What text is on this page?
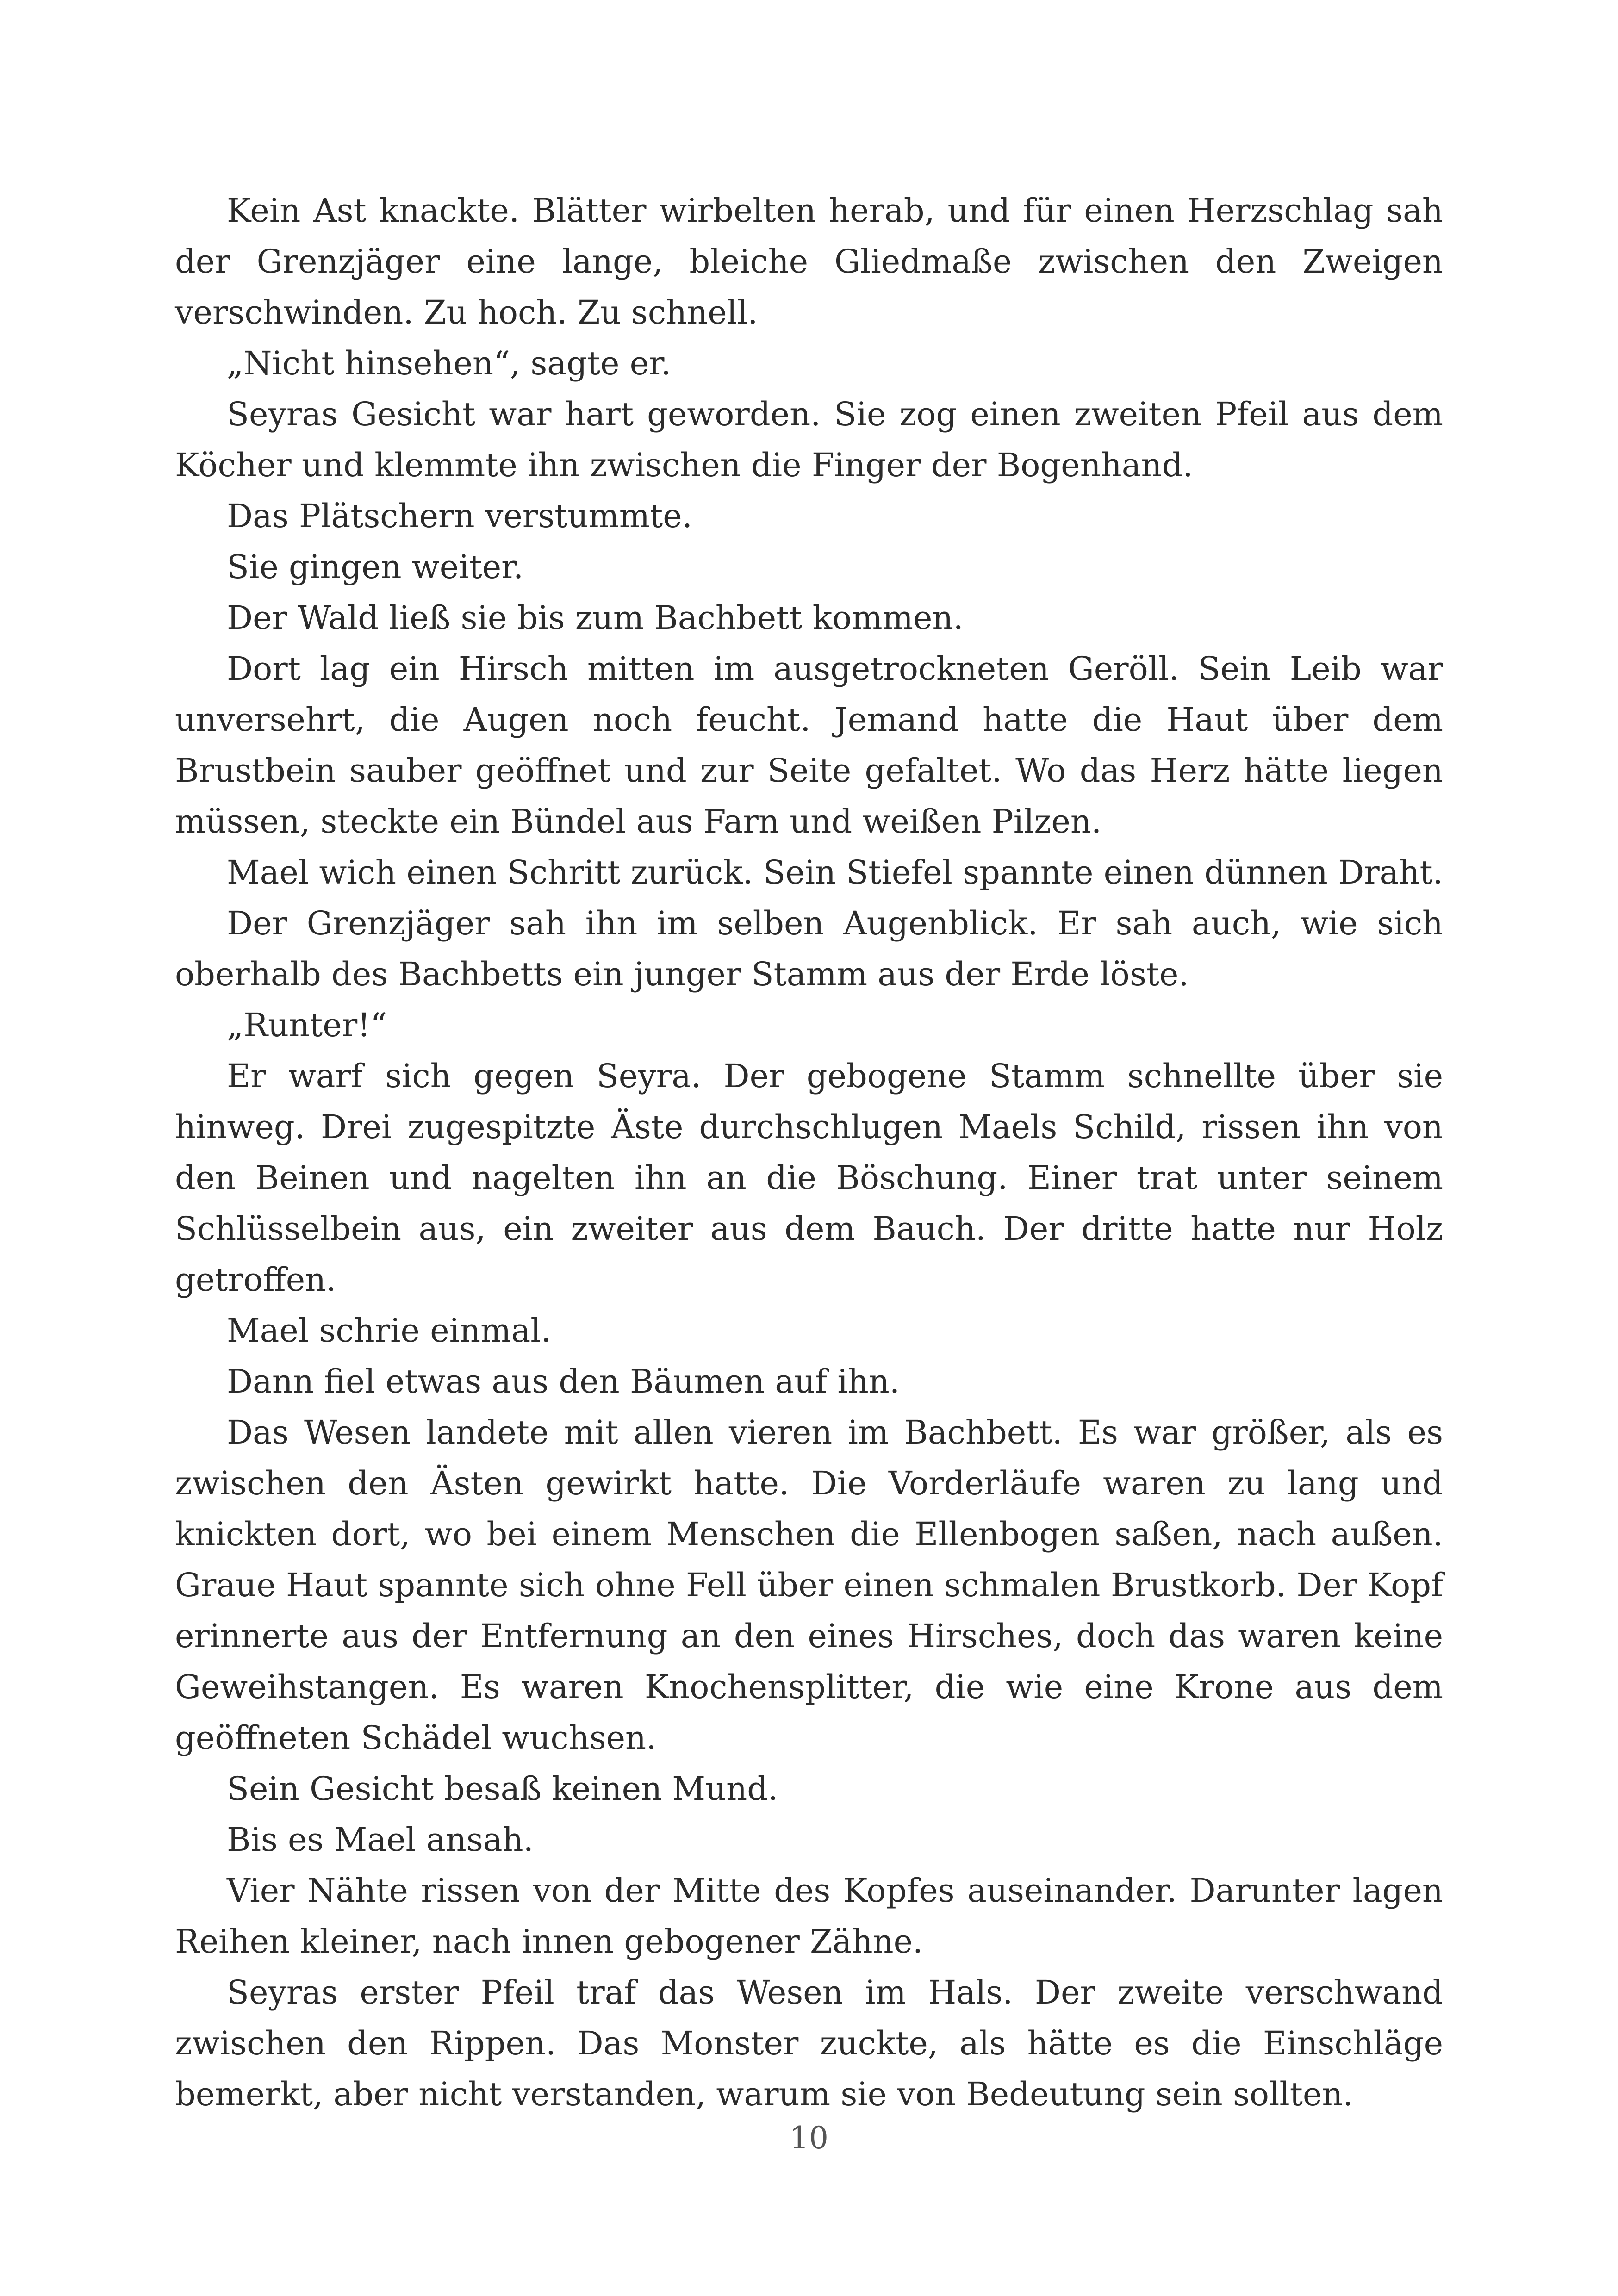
Kein Ast knackte. Blätter wirbelten herab, und für einen Herzschlag sah der Grenzjäger eine lange, bleiche Gliedmaße zwischen den Zweigen verschwinden. Zu hoch. Zu schnell.

„Nicht hinsehen“, sagte er.

Seyras Gesicht war hart geworden. Sie zog einen zweiten Pfeil aus dem Köcher und klemmte ihn zwischen die Finger der Bogenhand.

Das Plätschern verstummte.

Sie gingen weiter.

Der Wald ließ sie bis zum Bachbett kommen.

Dort lag ein Hirsch mitten im ausgetrockneten Geröll. Sein Leib war unversehrt, die Augen noch feucht. Jemand hatte die Haut über dem Brustbein sauber geöffnet und zur Seite gefaltet. Wo das Herz hätte liegen müssen, steckte ein Bündel aus Farn und weißen Pilzen.

Mael wich einen Schritt zurück. Sein Stiefel spannte einen dünnen Draht.

Der Grenzjäger sah ihn im selben Augenblick. Er sah auch, wie sich oberhalb des Bachbetts ein junger Stamm aus der Erde löste.

„Runter!“

Er warf sich gegen Seyra. Der gebogene Stamm schnellte über sie hinweg. Drei zugespitzte Äste durchschlugen Maels Schild, rissen ihn von den Beinen und nagelten ihn an die Böschung. Einer trat unter seinem Schlüsselbein aus, ein zweiter aus dem Bauch. Der dritte hatte nur Holz getroffen.

Mael schrie einmal.

Dann fiel etwas aus den Bäumen auf ihn.

Das Wesen landete mit allen vieren im Bachbett. Es war größer, als es zwischen den Ästen gewirkt hatte. Die Vorderläufe waren zu lang und knickten dort, wo bei einem Menschen die Ellenbogen saßen, nach außen. Graue Haut spannte sich ohne Fell über einen schmalen Brustkorb. Der Kopf erinnerte aus der Entfernung an den eines Hirsches, doch das waren keine Geweihstangen. Es waren Knochensplitter, die wie eine Krone aus dem geöffneten Schädel wuchsen.

Sein Gesicht besaß keinen Mund.

Bis es Mael ansah.

Vier Nähte rissen von der Mitte des Kopfes auseinander. Darunter lagen Reihen kleiner, nach innen gebogener Zähne.

Seyras erster Pfeil traf das Wesen im Hals. Der zweite verschwand zwischen den Rippen. Das Monster zuckte, als hätte es die Einschläge bemerkt, aber nicht verstanden, warum sie von Bedeutung sein sollten.

10
